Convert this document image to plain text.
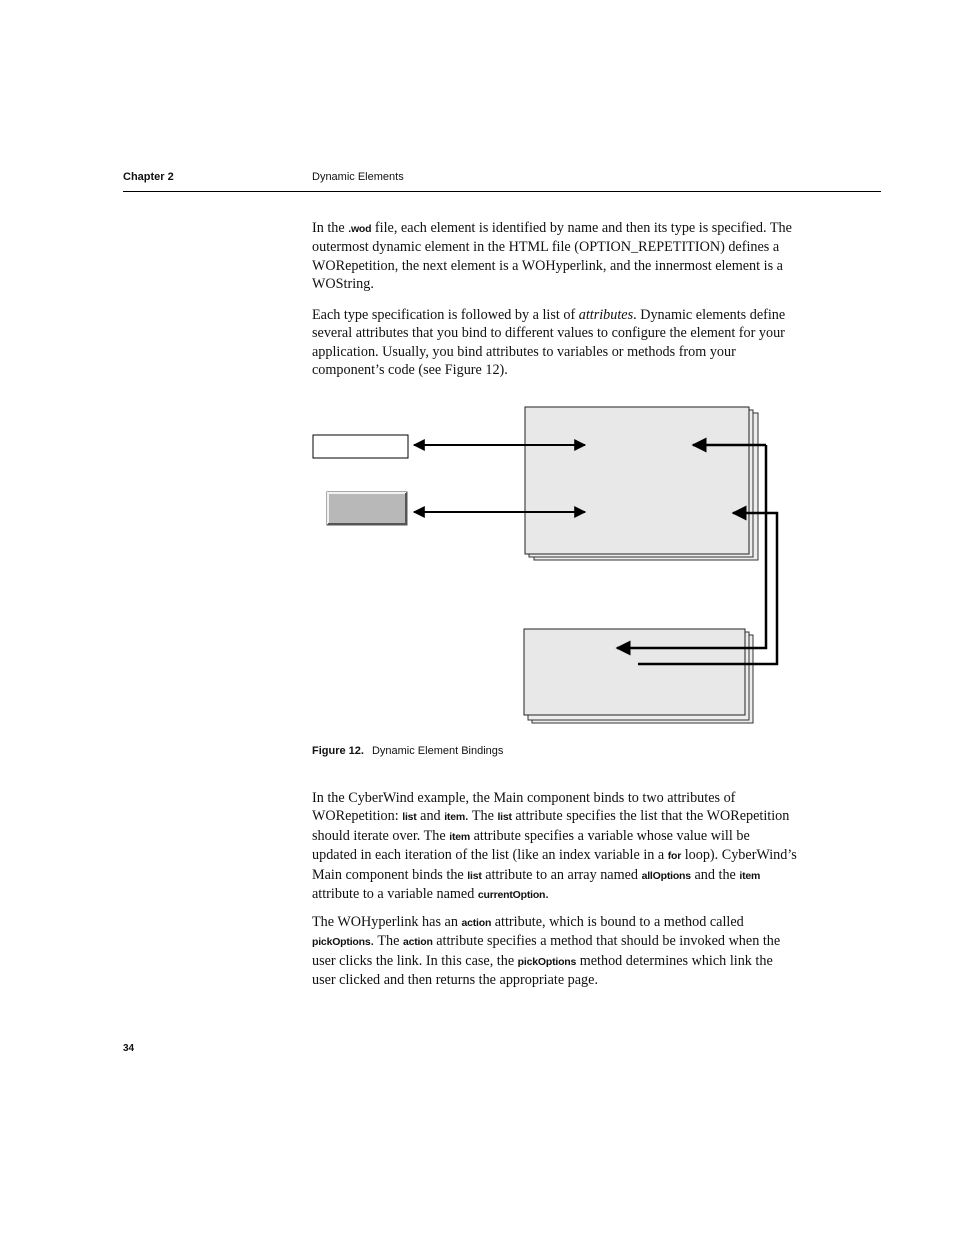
Chapter 2	Dynamic Elements

In the .wod file, each element is identified by name and then its type is specified. The outermost dynamic element in the HTML file (OPTION_REPETITION) defines a WORepetition, the next element is a WOHyperlink, and the innermost element is a WOString.

Each type specification is followed by a list of attributes. Dynamic elements define several attributes that you bind to different values to configure the element for your application. Usually, you bind attributes to variables or methods from your component’s code (see Figure 12).

Figure 12. Dynamic Element Bindings

In the CyberWind example, the Main component binds to two attributes of WORepetition: list and item. The list attribute specifies the list that the WORepetition should iterate over. The item attribute specifies a variable whose value will be updated in each iteration of the list (like an index variable in a for loop). CyberWind’s Main component binds the list attribute to an array named allOptions and the item attribute to a variable named currentOption.

The WOHyperlink has an action attribute, which is bound to a method called pickOptions. The action attribute specifies a method that should be invoked when the user clicks the link. In this case, the pickOptions method determines which link the user clicked and then returns the appropriate page.

34
